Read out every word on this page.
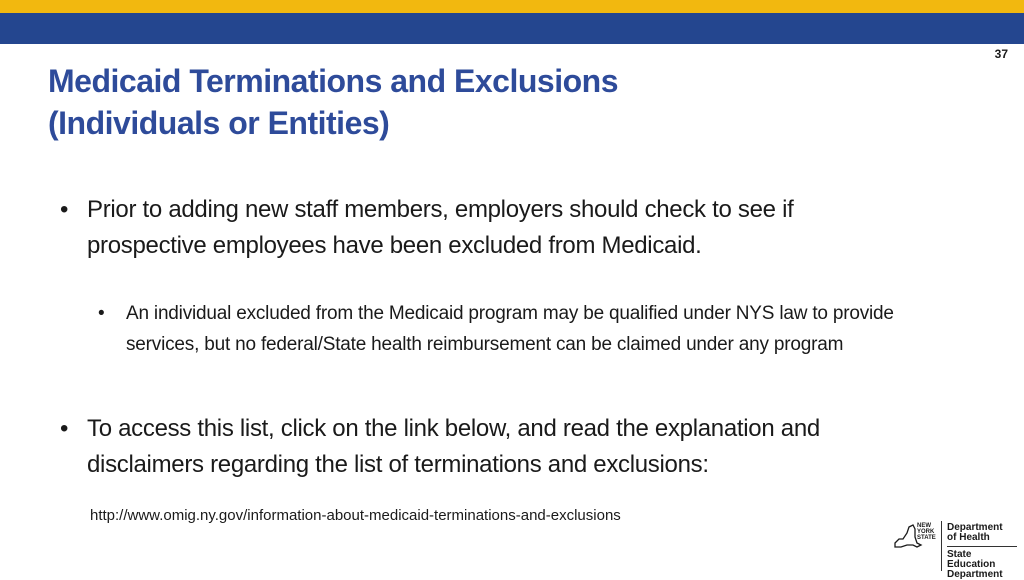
37
Medicaid Terminations and Exclusions
(Individuals or Entities)
• Prior to adding new staff members, employers should check to see if prospective employees have been excluded from Medicaid.
• An individual excluded from the Medicaid program may be qualified under NYS law to provide services, but no federal/State health reimbursement can be claimed under any program
• To access this list, click on the link below, and read the explanation and disclaimers regarding the list of terminations and exclusions:
http://www.omig.ny.gov/information-about-medicaid-terminations-and-exclusions
NEW
YORK
STATE
Department
of Health
State Education
Department
